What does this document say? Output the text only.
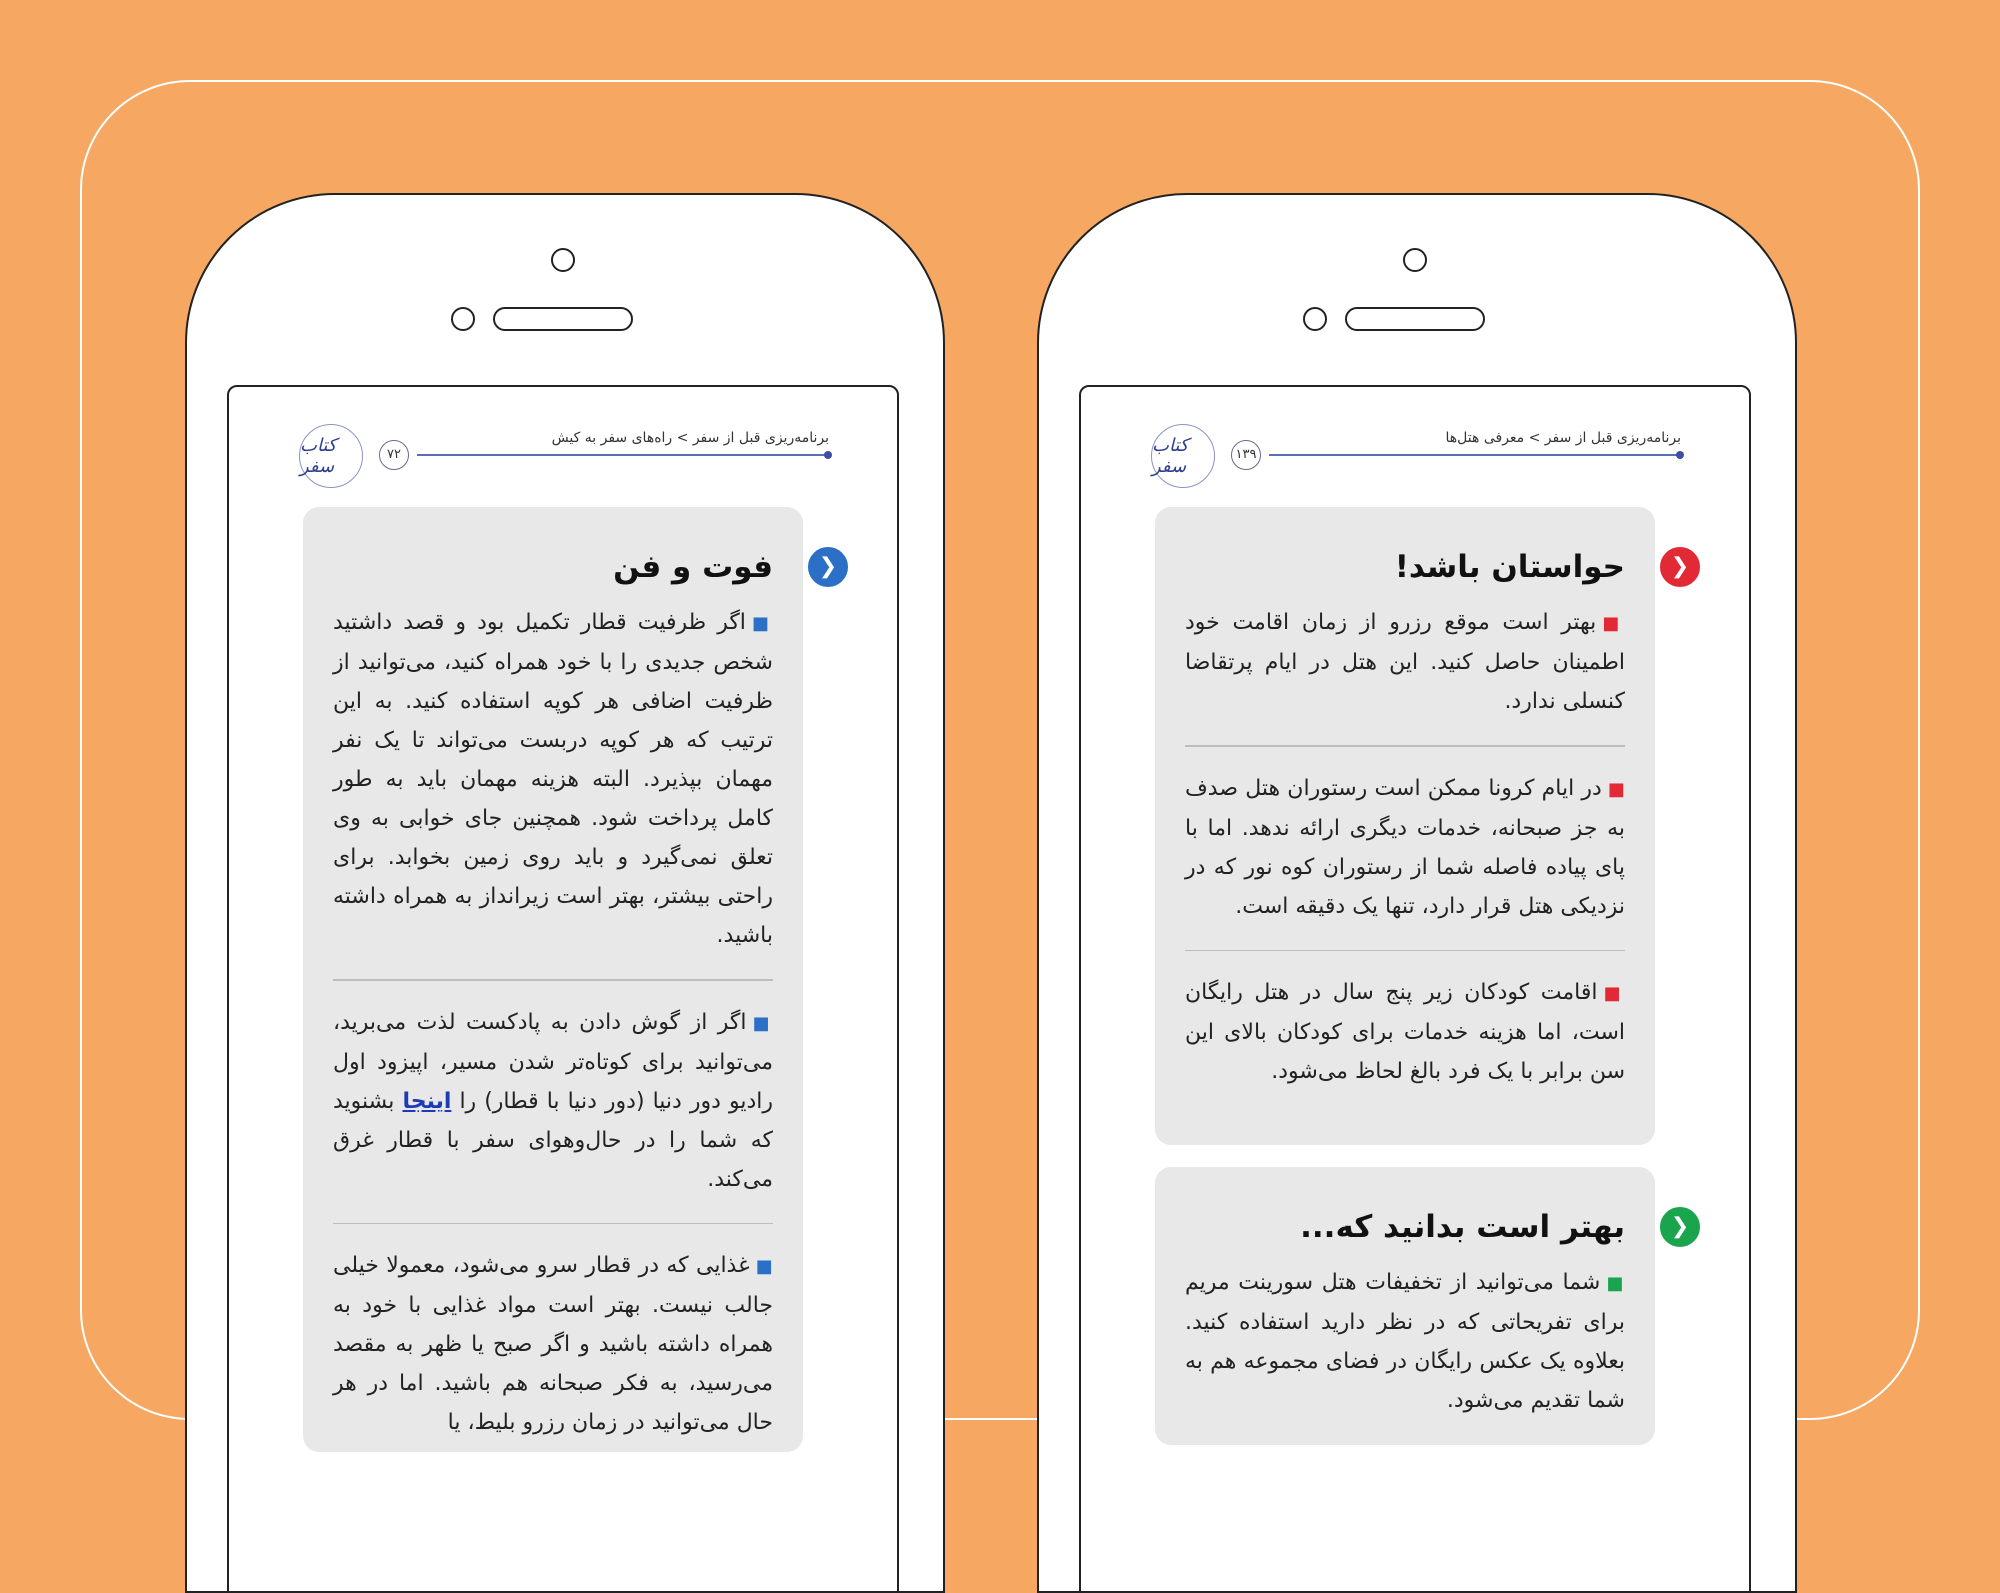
کتاب سفر
۷۲
برنامه‌ریزی قبل از سفر > راه‌های سفر به کیش
فوت و فن	❮

■اگر ظرفیت قطار تکمیل بود و قصد داشتید شخص جدیدی را با خود همراه کنید، می‌توانید از ظرفیت اضافی هر کوپه استفاده کنید. به این ترتیب که هر کوپه دربست می‌تواند تا یک نفر مهمان بپذیرد. البته هزینه مهمان باید به طور کامل پرداخت شود. همچنین جای خوابی به وی تعلق نمی‌گیرد و باید روی زمین بخوابد. برای راحتی بیشتر، بهتر است زیرانداز به همراه داشته باشید.

■اگر از گوش دادن به پادکست لذت می‌برید، می‌توانید برای کوتاه‌تر شدن مسیر، اپیزود اول رادیو دور دنیا (دور دنیا با قطار) را اینجا بشنوید که شما را در حال‌وهوای سفر با قطار غرق می‌کند.

■غذایی که در قطار سرو می‌شود، معمولا خیلی جالب نیست. بهتر است مواد غذایی با خود به همراه داشته باشید و اگر صبح یا ظهر به مقصد می‌رسید، به فکر صبحانه هم باشید. اما در هر حال می‌توانید در زمان رزرو بلیط، یا

کتاب سفر
۱۳۹
برنامه‌ریزی قبل از سفر > معرفی هتل‌ها
حواستان باشد!	❮

■بهتر است موقع رزرو از زمان اقامت خود اطمینان حاصل کنید. این هتل در ایام پرتقاضا کنسلی ندارد.

■در ایام کرونا ممکن است رستوران هتل صدف به جز صبحانه، خدمات دیگری ارائه ندهد. اما با پای پیاده فاصله شما از رستوران کوه نور که در نزدیکی هتل قرار دارد، تنها یک دقیقه است.

■اقامت کودکان زیر پنج سال در هتل رایگان است، اما هزینه خدمات برای کودکان بالای این سن برابر با یک فرد بالغ لحاظ می‌شود.

بهتر است بدانید که...	❮

■شما می‌توانید از تخفیفات هتل سورینت مریم برای تفریحاتی که در نظر دارید استفاده کنید. بعلاوه یک عکس رایگان در فضای مجموعه هم به شما تقدیم می‌شود.
